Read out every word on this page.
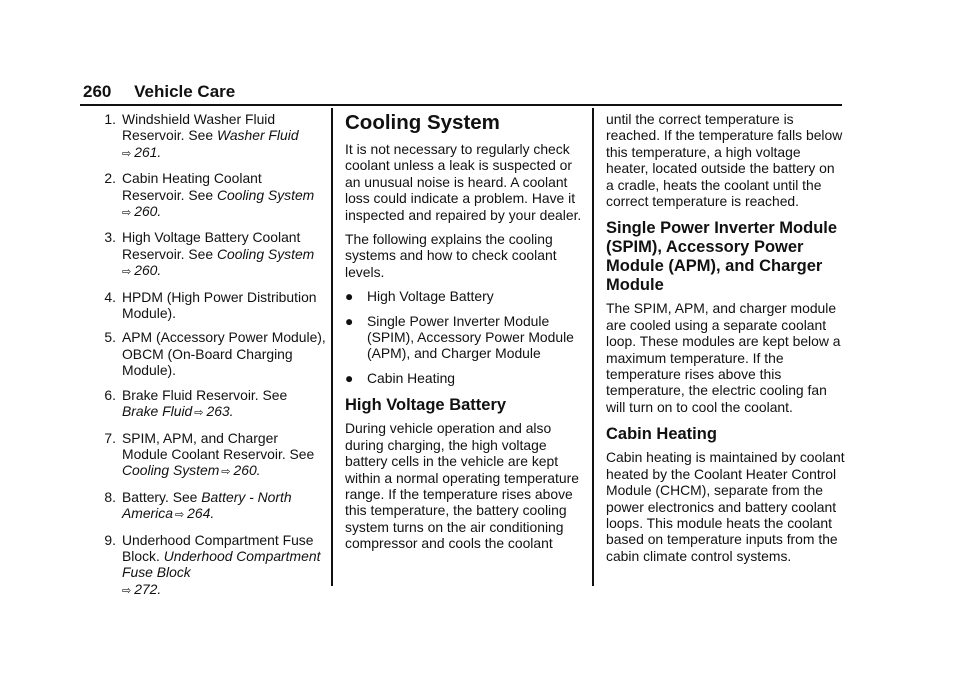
260 Vehicle Care
1. Windshield Washer Fluid Reservoir. See Washer Fluid
⇨ 261.
2. Cabin Heating Coolant Reservoir. See Cooling System
⇨ 260.
3. High Voltage Battery Coolant Reservoir. See Cooling System
⇨ 260.
4. HPDM (High Power Distribution Module).
5. APM (Accessory Power Module), OBCM (On-Board Charging Module).
6. Brake Fluid Reservoir. See
Brake Fluid ⇨ 263.
7. SPIM, APM, and Charger Module Coolant Reservoir. See
Cooling System ⇨ 260.
8. Battery. See Battery - North America ⇨ 264.
9. Underhood Compartment Fuse Block. Underhood Compartment Fuse Block
⇨ 272.
Cooling System

It is not necessary to regularly check coolant unless a leak is suspected or an unusual noise is heard. A coolant loss could indicate a problem. Have it inspected and repaired by your dealer.

The following explains the cooling systems and how to check coolant levels.

● High Voltage Battery
● Single Power Inverter Module (SPIM), Accessory Power Module (APM), and Charger Module
● Cabin Heating
High Voltage Battery

During vehicle operation and also during charging, the high voltage battery cells in the vehicle are kept within a normal operating temperature range. If the temperature rises above this temperature, the battery cooling system turns on the air conditioning compressor and cools the coolant

until the correct temperature is reached. If the temperature falls below this temperature, a high voltage heater, located outside the battery on a cradle, heats the coolant until the correct temperature is reached.

Single Power Inverter Module (SPIM), Accessory Power Module (APM), and Charger Module

The SPIM, APM, and charger module are cooled using a separate coolant loop. These modules are kept below a maximum temperature. If the temperature rises above this temperature, the electric cooling fan will turn on to cool the coolant.

Cabin Heating

Cabin heating is maintained by coolant heated by the Coolant Heater Control Module (CHCM), separate from the power electronics and battery coolant loops. This module heats the coolant based on temperature inputs from the cabin climate control systems.
